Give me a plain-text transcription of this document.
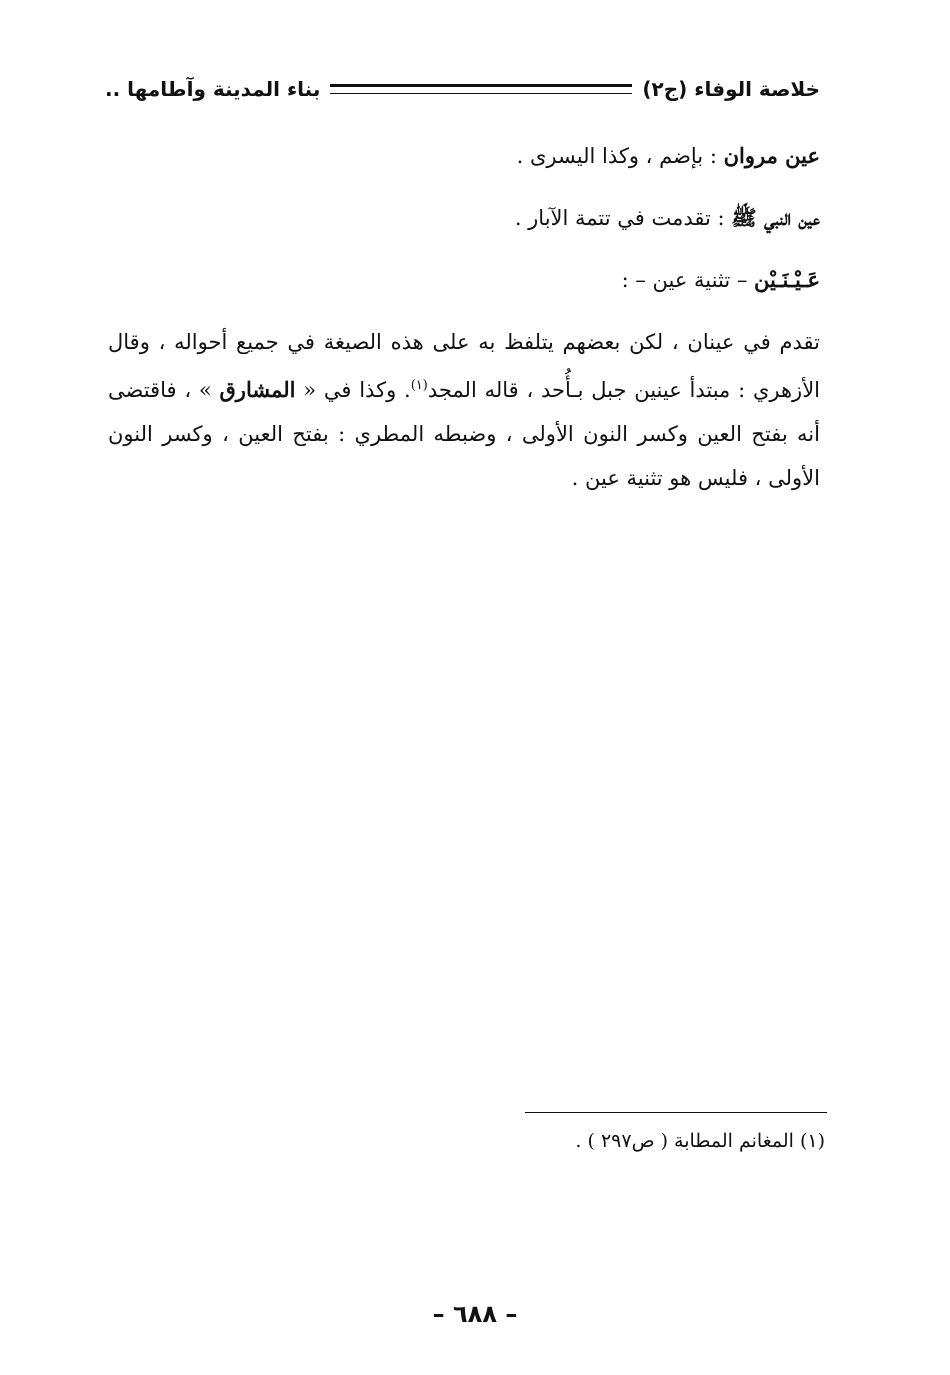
خلاصة الوفاء (ج٢)
بناء المدينة وآطامها ..
عين مروان : بإضم ، وكذا اليسرى .
عين النبي ﷺ : تقدمت في تتمة الآبار .
عَـيْـنَـيْن – تثنية عين – :
تقدم في عينان ، لكن بعضهم يتلفظ به على هذه الصيغة في جميع أحواله ، وقال الأزهري : مبتدأ عينين جبل بـأُحد ، قاله المجد$^{(١)}$. وكذا في « المشارق » ، فاقتضى أنه بفتح العين وكسر النون الأولى ، وضبطه المطري : بفتح العين ، وكسر النون الأولى ، فليس هو تثنية عين .
(١) المغانم المطابة ( ص٢٩٧ ) .
– ٦٨٨ –
